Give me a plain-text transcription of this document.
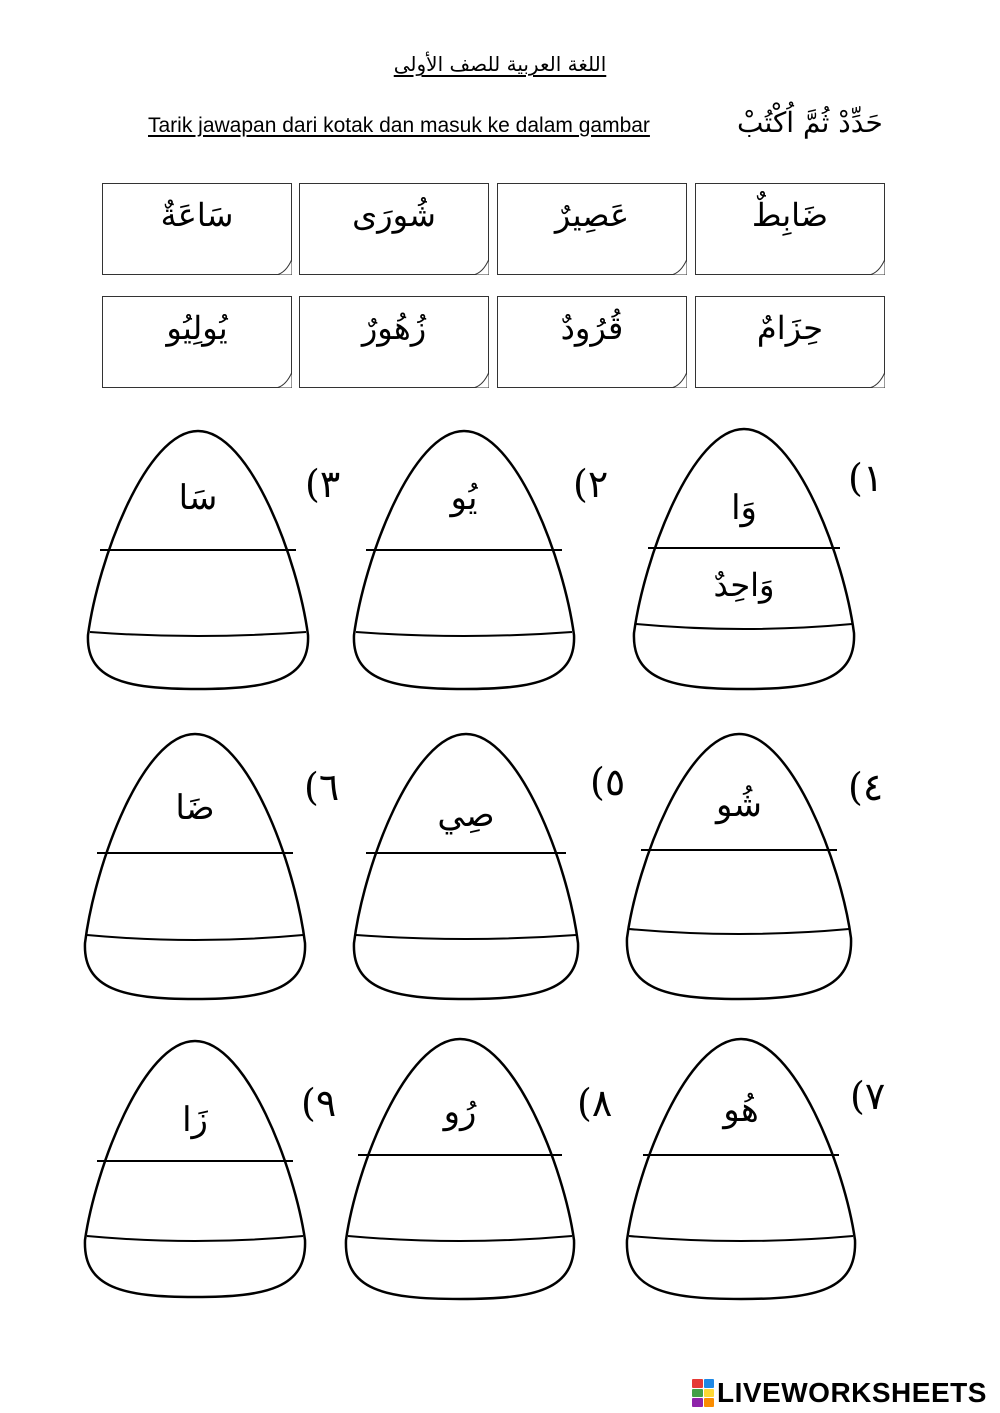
اللغة العربية للصف الأولى
Tarik jawapan dari kotak dan masuk ke dalam gambar	حَدِّدْ ثُمَّ اُكْتُبْ
سَاعَةٌ	شُورَى	عَصِيرٌ	ضَابِطٌ
يُولِيُو	زُهُورٌ	قُرُودٌ	حِزَامٌ
(٣	(٢	(١
سَا	يُو	وَا
وَاحِدٌ
(٦	(٥	(٤
ضَا	صِي	شُو
(٩	(٨	(٧
زَا	رُو	هُو
LIVEWORKSHEETS
